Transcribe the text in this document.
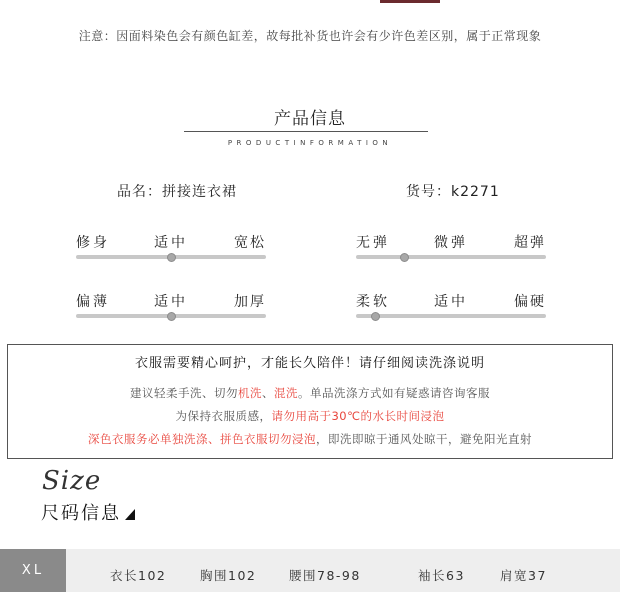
注意：因面料染色会有颜色缸差，故每批补货也许会有少许色差区别，属于正常现象
产品信息
PRODUCTINFORMATION
品名：拼接连衣裙	货号：k2271
修身	适中	宽松	无弹	微弹	超弹
偏薄	适中	加厚	柔软	适中	偏硬
衣服需要精心呵护，才能长久陪伴！请仔细阅读洗涤说明
建议轻柔手洗、切勿机洗、混洗。单品洗涤方式如有疑惑请咨询客服
为保持衣服质感，请勿用高于30℃的水长时间浸泡
深色衣服务必单独洗涤、拼色衣服切勿浸泡，即洗即晾于通风处晾干，避免阳光直射
Size
尺码信息
XL	衣长102	胸围102	腰围78-98	袖长63	肩宽37
